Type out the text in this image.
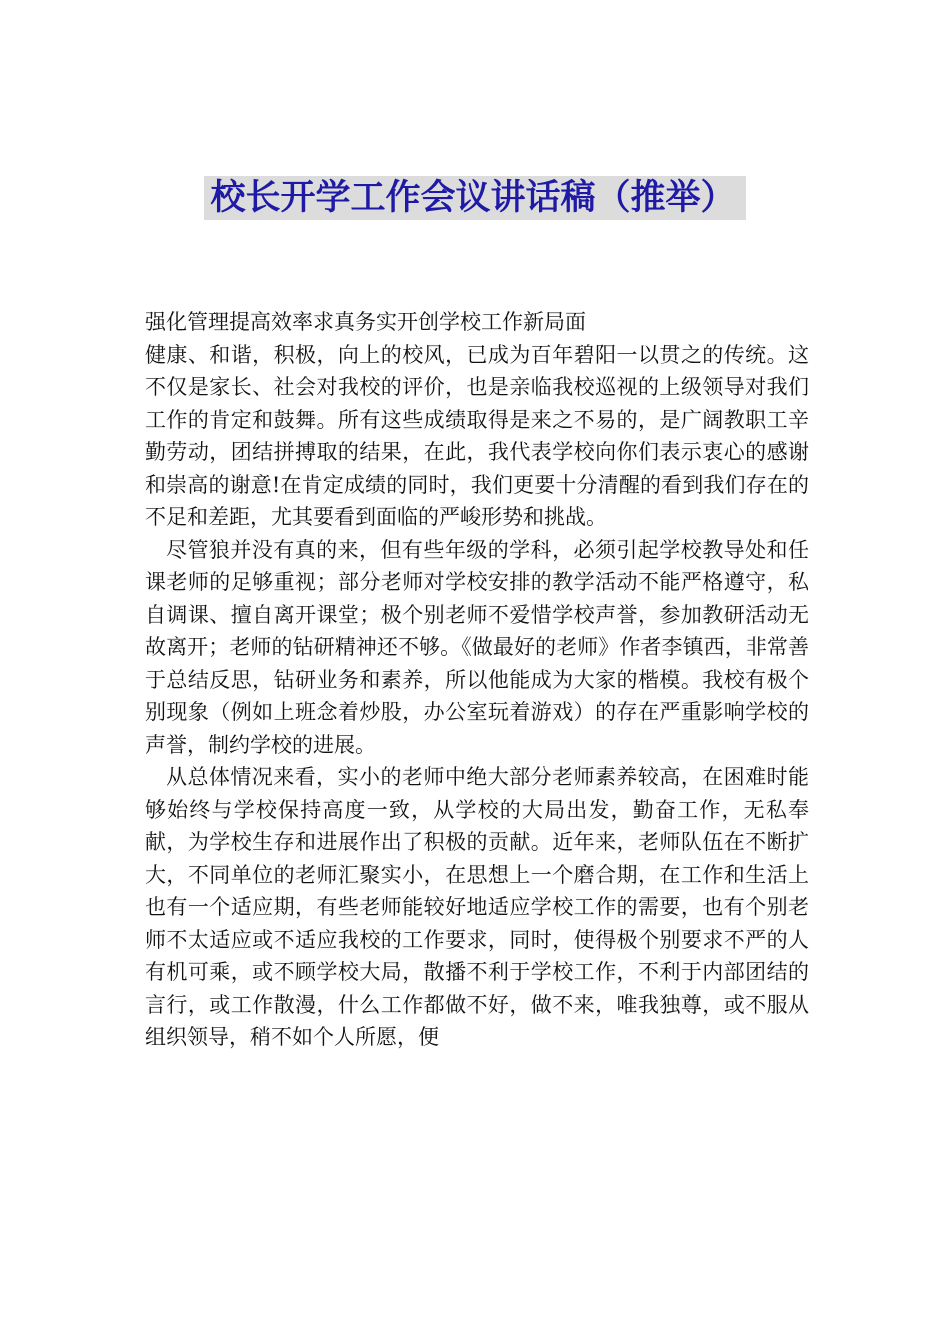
校长开学工作会议讲话稿（推举）

强化管理提高效率求真务实开创学校工作新局面

健康、和谐，积极，向上的校风，已成为百年碧阳一以贯之的传统。这不仅是家长、社会对我校的评价，也是亲临我校巡视的上级领导对我们工作的肯定和鼓舞。所有这些成绩取得是来之不易的，是广阔教职工辛勤劳动，团结拼搏取的结果，在此，我代表学校向你们表示衷心的感谢和崇高的谢意!在肯定成绩的同时，我们更要十分清醒的看到我们存在的不足和差距，尤其要看到面临的严峻形势和挑战。

尽管狼并没有真的来，但有些年级的学科，必须引起学校教导处和任课老师的足够重视；部分老师对学校安排的教学活动不能严格遵守，私自调课、擅自离开课堂；极个别老师不爱惜学校声誉，参加教研活动无故离开；老师的钻研精神还不够。《做最好的老师》作者李镇西，非常善于总结反思，钻研业务和素养，所以他能成为大家的楷模。我校有极个别现象（例如上班念着炒股，办公室玩着游戏）的存在严重影响学校的声誉，制约学校的进展。

从总体情况来看，实小的老师中绝大部分老师素养较高，在困难时能够始终与学校保持高度一致，从学校的大局出发，勤奋工作，无私奉献，为学校生存和进展作出了积极的贡献。近年来，老师队伍在不断扩大，不同单位的老师汇聚实小，在思想上一个磨合期，在工作和生活上也有一个适应期，有些老师能较好地适应学校工作的需要，也有个别老师不太适应或不适应我校的工作要求，同时，使得极个别要求不严的人有机可乘，或不顾学校大局，散播不利于学校工作，不利于内部团结的言行，或工作散漫，什么工作都做不好，做不来，唯我独尊，或不服从组织领导，稍不如个人所愿，便
